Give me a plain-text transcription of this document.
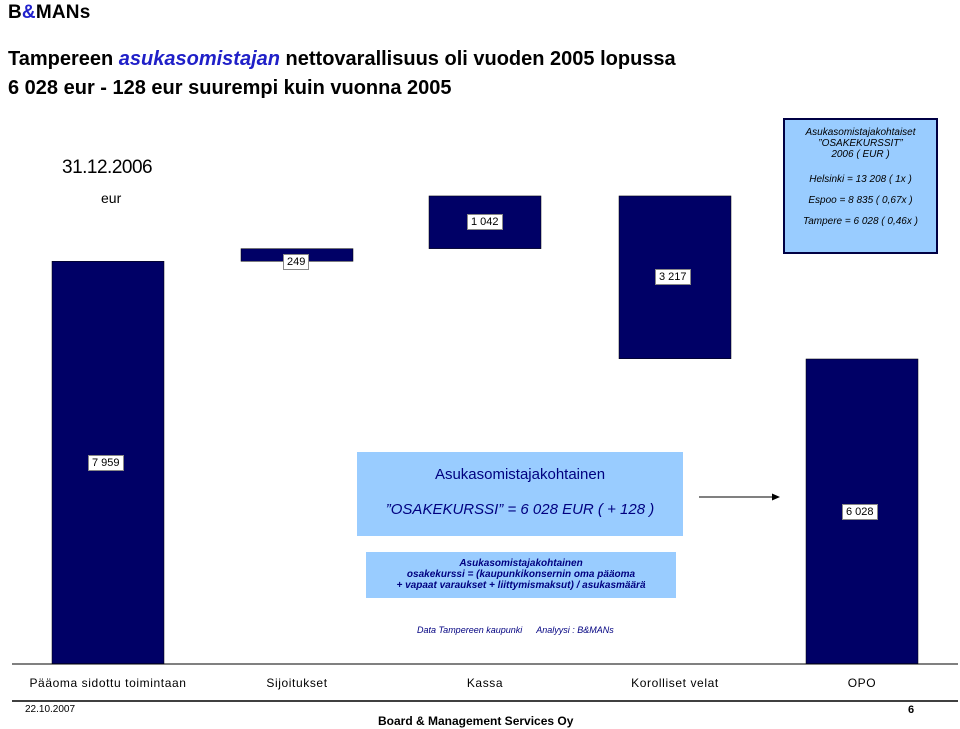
B&MANs
Tampereen asukasomistajan nettovarallisuus oli vuoden 2005 lopussa
6 028 eur - 128 eur suurempi kuin vuonna 2005
31.12.2006
eur
7 959
249
1 042
3 217
6 028
Pääoma sidottu toimintaan	Sijoitukset	Kassa	Korolliset velat	OPO
Asukasomistajakohtaiset
”OSAKEKURSSIT”
2006 ( EUR )
Helsinki = 13 208 ( 1x )
Espoo = 8 835 ( 0,67x )
Tampere = 6 028 ( 0,46x )
Asukasomistajakohtainen
”OSAKEKURSSI” = 6 028 EUR ( + 128 )
Asukasomistajakohtainen
osakekurssi = (kaupunkikonsernin oma pääoma
+ vapaat varaukset + liittymismaksut) / asukasmäärä
Data Tampereen kaupunki Analyysi : B&MANs
22.10.2007	6
Board & Management Services Oy
